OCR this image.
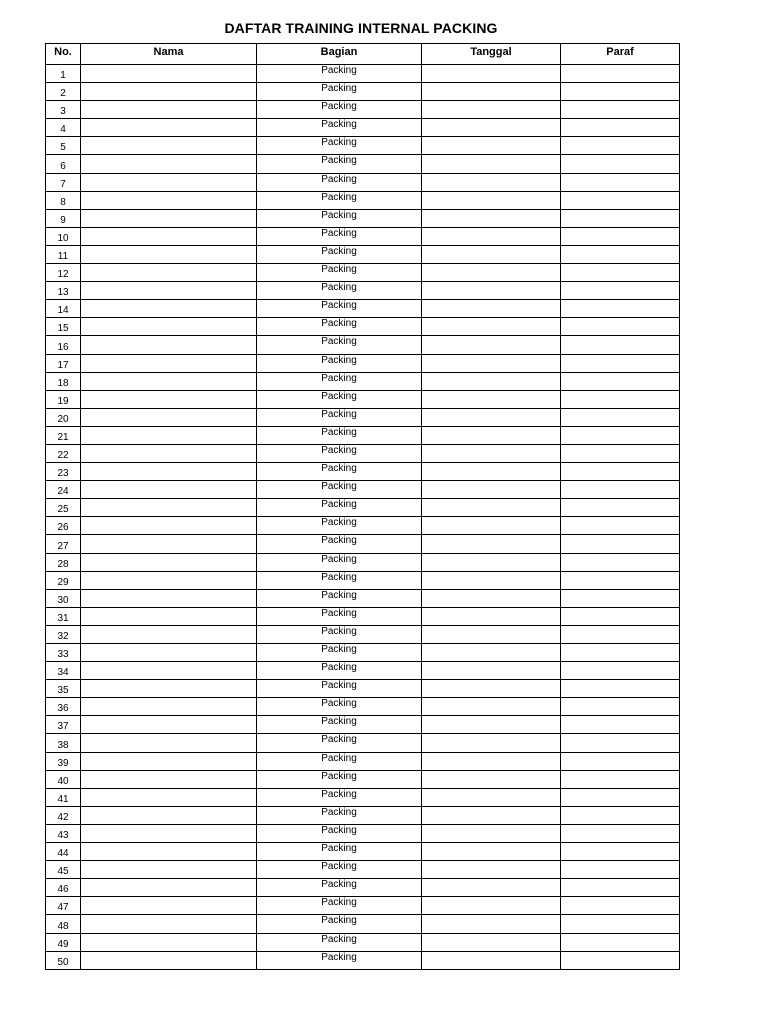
DAFTAR TRAINING INTERNAL PACKING
No.	Nama	Bagian	Tanggal	Paraf
1		Packing		
2		Packing		
3		Packing		
4		Packing		
5		Packing		
6		Packing		
7		Packing		
8		Packing		
9		Packing		
10		Packing		
11		Packing		
12		Packing		
13		Packing		
14		Packing		
15		Packing		
16		Packing		
17		Packing		
18		Packing		
19		Packing		
20		Packing		
21		Packing		
22		Packing		
23		Packing		
24		Packing		
25		Packing		
26		Packing		
27		Packing		
28		Packing		
29		Packing		
30		Packing		
31		Packing		
32		Packing		
33		Packing		
34		Packing		
35		Packing		
36		Packing		
37		Packing		
38		Packing		
39		Packing		
40		Packing		
41		Packing		
42		Packing		
43		Packing		
44		Packing		
45		Packing		
46		Packing		
47		Packing		
48		Packing		
49		Packing		
50		Packing		
